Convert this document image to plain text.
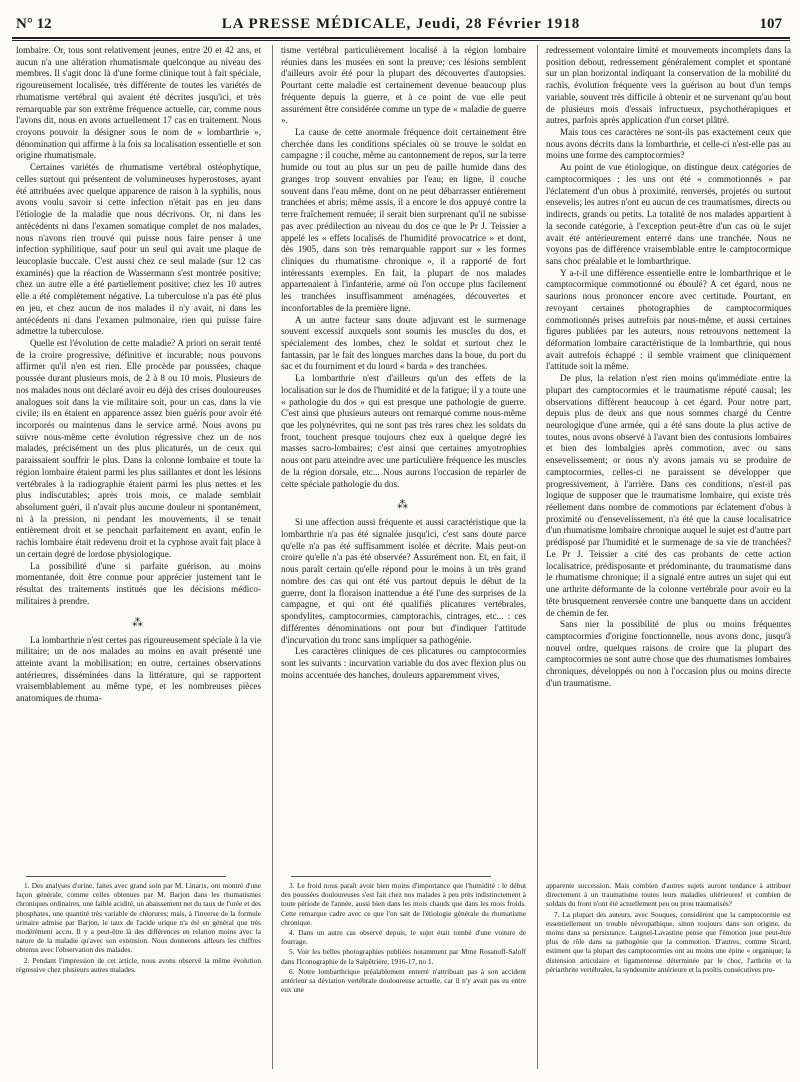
N° 12	LA PRESSE MÉDICALE, Jeudi, 28 Février 1918	107

lombaire. Or, tous sont relativement jeunes, entre 20 et 42 ans, et aucun n'a une altération rhumatismale quelconque au niveau des membres. Il s'agit donc là d'une forme clinique tout à fait spéciale, rigoureusement localisée, très différente de toutes les variétés de rhumatisme vertébral qui avaient été décrites jusqu'ici, et très remarquable par son extrême fréquence actuelle, car, comme nous l'avons dit, nous en avons actuellement 17 cas en traitement. Nous croyons pouvoir la désigner sous le nom de « lombarthrie », dénomination qui affirme à la fois sa localisation essentielle et son origine rhumatismale.

Certaines variétés de rhumatisme vertébral ostéophytique, celles surtout qui présentent de volumineuses hyperostoses, ayant été attribuées avec quelque apparence de raison à la syphilis, nous avons voulu savoir si cette infection n'était pas en jeu dans l'étiologie de la maladie que nous décrivons. Or, ni dans les antécédents ni dans l'examen somatique complet de nos malades, nous n'avons rien trouvé qui puisse nous faire penser à une infection syphilitique, sauf pour un seul qui avait une plaque de leucoplasie buccale. C'est aussi chez ce seul malade (sur 12 cas examinés) que la réaction de Wassermann s'est montrée positive; chez un autre elle a été partiellement positive; chez les 10 autres elle a été complètement négative. La tuberculose n'a pas été plus en jeu, et chez aucun de nos malades il n'y avait, ni dans les antécédents ni dans l'examen pulmonaire, rien qui puisse faire admettre la tuberculose.

Quelle est l'évolution de cette maladie? A priori on serait tenté de la croire progressive, définitive et incurable; nous pouvons affirmer qu'il n'en est rien. Elle procède par poussées, chaque poussée durant plusieurs mois, de 2 à 8 ou 10 mois. Plusieurs de nos malades nous ont déclaré avoir eu déjà des crises douloureuses analogues soit dans la vie militaire soit, pour un cas, dans la vie civile; ils en étaient en apparence assez bien guéris pour avoir été incorporés ou maintenus dans le service armé. Nous avons pu suivre nous-même cette évolution régressive chez un de nos malades, précisément un des plus plicaturés, un de ceux qui paraissaient souffrir le plus. Dans la colonne lombaire et toute la région lombaire étaient parmi les plus saillantes et dont les lésions vertébrales à la radiographie étaient parmi les plus nettes et les plus indiscutables; après trois mois, ce malade semblait absolument guéri, il n'avait plus aucune douleur ni spontanément, ni à la pression, ni pendant les mouvements, il se tenait entièrement droit et se penchait parfaitement en avant, enfin le rachis lombaire était redevenu droit et la cyphose avait fait place à un certain degré de lordose physiologique.

La possibilité d'une si parfaite guérison, au moins momentanée, doit être connue pour apprécier justement tant le résultat des traitements institués que les décisions médico-militaires à prendre.

⁂

La lombarthrie n'est certes pas rigoureusement spéciale à la vie militaire; un de nos malades au moins en avait présenté une atteinte avant la mobilisation; en outre, certaines observations antérieures, disséminées dans la littérature, qui se rapportent vraisemblablement au même type, et les nombreuses pièces anatomiques de rhuma-

tisme vertébral particulièrement localisé à la région lombaire réunies dans les musées en sont la preuve; ces lésions semblent d'ailleurs avoir été pour la plupart des découvertes d'autopsies. Pourtant cette maladie est certainement devenue beaucoup plus fréquente depuis la guerre, et à ce point de vue elle peut assurément être considérée comme un type de « maladie de guerre ».

La cause de cette anormale fréquence doit certainement être cherchée dans les conditions spéciales où se trouve le soldat en campagne : il couche, même au cantonnement de repos, sur la terre humide ou tout au plus sur un peu de paille humide dans des granges trop souvent envahies par l'eau; en ligne, il couche souvent dans l'eau même, dont on ne peut débarrasser entièrement tranchées et abris; même assis, il a encore le dos appuyé contre la terre fraîchement remuée; il serait bien surprenant qu'il ne subisse pas avec prédilection au niveau du dos ce que le Pr J. Teissier a appelé les « effets localisés de l'humidité provocatrice » et dont, dès 1905, dans son très remarquable rapport sur « les formes cliniques du rhumatisme chronique », il a rapporté de fort intéressants exemples. En fait, la plupart de nos malades appartenaient à l'infanterie, arme où l'on occupe plus facilement les tranchées insuffisamment aménagées, découvertes et inconfortables de la première ligne.

A un autre facteur sans doute adjuvant est le surmenage souvent excessif auxquels sont soumis les muscles du dos, et spécialement des lombes, chez le soldat et surtout chez le fantassin, par le fait des longues marches dans la boue, du port du sac et du fourniment et du lourd « barda » des tranchées.

La lombarthrie n'est d'ailleurs qu'un des effets de la localisation sur le dos de l'humidité et de la fatigue; il y a toute une « pathologie du dos » qui est presque une pathologie de guerre. C'est ainsi que plusieurs auteurs ont remarqué comme nous-même que les polynévrites, qui ne sont pas très rares chez les soldats du front, touchent presque toujours chez eux à quelque degré les masses sacro-lombaires; c'est ainsi que certaines amyotrophies nous ont paru atteindre avec une particulière fréquence les muscles de la région dorsale, etc... Nous aurons l'occasion de reparler de cette spéciale pathologie du dos.

⁂

Si une affection aussi fréquente et aussi caractéristique que la lombarthrie n'a pas été signalée jusqu'ici, c'est sans doute parce qu'elle n'a pas été suffisamment isolée et décrite. Mais peut-on croire qu'elle n'a pas été observée? Assurément non. Et, en fait, il nous paraît certain qu'elle répond pour le moins à un très grand nombre des cas qui ont été vus partout depuis le début de la guerre, dont la floraison inattendue a été l'une des surprises de la campagne, et qui ont été qualifiés plicatures vertébrales, spondylites, camptocormies, camptorachis, cintrages, etc... : ces différentes dénominations ont pour but d'indiquer l'attitude d'incurvation du tronc sans impliquer sa pathogénie.

Les caractères cliniques de ces plicatures ou camptocormies sont les suivants : incurvation variable du dos avec flexion plus ou moins accentuée des hanches, douleurs apparemment vives,

redressement volontaire limité et mouvements incomplets dans la position debout, redressement généralement complet et spontané sur un plan horizontal indiquant la conservation de la mobilité du rachis, évolution fréquente vers la guérison au bout d'un temps variable, souvent très difficile à obtenir et ne survenant qu'au bout de plusieurs mois d'essais infructueux, psychothérapiques et autres, parfois après application d'un corset plâtré.

Mais tous ces caractères ne sont-ils pas exactement ceux que nous avons décrits dans la lombarthrie, et celle-ci n'est-elle pas au moins une forme des camptocormies?

Au point de vue étiologique, on distingue deux catégories de camptocormiques : les uns ont été « commotionnés » par l'éclatement d'un obus à proximité, renversés, projetés ou surtout ensevelis; les autres n'ont eu aucun de ces traumatismes, directs ou indirects, grands ou petits. La totalité de nos malades appartient à la seconde catégorie, à l'exception peut-être d'un cas où le sujet avait été antérieurement enterré dans une tranchée. Nous ne voyons pas de différence vraisemblable entre le camptocormique sans choc préalable et le lombarthrique.

Y a-t-il une différence essentielle entre le lombarthrique et le camptocormique commotionné ou éboulé? A cet égard, nous ne saurions nous prononcer encore avec certitude. Pourtant, en revoyant certaines photographies de camptocormiques commotionnés prises autrefois par nous-même, et aussi certaines figures publiées par les auteurs, nous retrouvons nettement la déformation lombaire caractéristique de la lombarthrie, qui nous avait autrefois échappé : il semble vraiment que cliniquement l'attitude soit la même.

De plus, la relation n'est rien moins qu'immédiate entre la plupart des camptocormies et le traumatisme réputé causal; les observations diffèrent beaucoup à cet égard. Pour notre part, depuis plus de deux ans que nous sommes chargé du Centre neurologique d'une armée, qui a été sans doute la plus active de toutes, nous avons observé à l'avant bien des contusions lombaires et bien des lombalgies après commotion, avec ou sans ensevelissement; or nous n'y avons jamais vu se produire de camptocormies, celles-ci ne paraissent se développer que progressivement, à l'arrière. Dans ces conditions, n'est-il pas logique de supposer que le traumatisme lombaire, qui existe très réellement dans nombre de commotions par éclatement d'obus à proximité ou d'ensevelissement, n'a été que la cause localisatrice d'un rhumatisme lombaire chronique auquel le sujet est d'autre part prédisposé par l'humidité et le surmenage de sa vie de tranchées? Le Pr J. Teissier a cité des cas probants de cette action localisatrice, prédisposante et prédominante, du traumatisme dans le rhumatisme chronique; il a signalé entre autres un sujet qui eut une arthrite déformante de la colonne vertébrale pour avoir eu la tête brusquement renversée contre une banquette dans un accident de chemin de fer.

Sans nier la possibilité de plus ou moins fréquentes camptocormies d'origine fonctionnelle, nous avons donc, jusqu'à nouvel ordre, quelques raisons de croire que la plupart des camptocormies ne sont autre chose que des rhumatismes lombaires chroniques, développés ou non à l'occasion plus ou moins directe d'un traumatisme.

1. Des analyses d'urine, faites avec grand soin par M. Linarix, ont montré d'une façon générale, comme celles obtenues par M. Barjon dans les rhumatismes chroniques ordinaires, une faible acidité, un abaissement net du taux de l'urée et des phosphates, une quantité très variable de chlorures; mais, à l'inverse de la formule urinaire admise par Barjon, le taux de l'acide urique n'a été en général que très modérément accru. Il y a peut-être là des différences en relation moins avec la nature de la maladie qu'avec son extension. Nous donnerons ailleurs les chiffres obtenus avec l'observation des malades.

2. Pendant l'impression de cet article, nous avons observé la même évolution régressive chez plusieurs autres malades.

3. Le froid nous paraît avoir bien moins d'importance que l'humidité : le début des poussées douloureuses s'est fait chez nos malades à peu près indistinctement à toute période de l'année, aussi bien dans les mois chauds que dans les mois froids. Cette remarque cadre avec ce que l'on sait de l'étiologie générale du rhumatisme chronique.

4. Dans un autre cas observé depuis, le sujet était tombé d'une voiture de fourrage.

5. Voir les belles photographies publiées notamment par Mme Rosanoff-Saloff dans l'Iconographie de la Salpêtrière, 1916-17, no 1.

6. Notre lombarthrique préalablement enterré n'attribuait pas à son accident antérieur sa déviation vertébrale douloureuse actuelle, car il n'y avait pas eu entre eux une

apparente succession. Mais combien d'autres sujets auront tendance à attribuer directement à un traumatisme toutes leurs maladies ultérieures! et combien de soldats du front n'ont été actuellement peu ou prou traumatisés?

7. La plupart des auteurs, avec Souques, considèrent que la camptocormie est essentiellement un trouble névropathique, sinon toujours dans son origine, du moins dans sa persistance. Laignel-Lavastine pense que l'émotion joue peut-être plus de rôle dans sa pathogénie que la commotion. D'autres, comme Sicard, estiment que la plupart des camptocormies ont au moins une épine « organique; la distension articulaire et ligamenteuse déterminée par le choc, l'arthrite et la périarthrite vertébrales, la syndesmite antérieure et la psoïtis consécutives pro-
